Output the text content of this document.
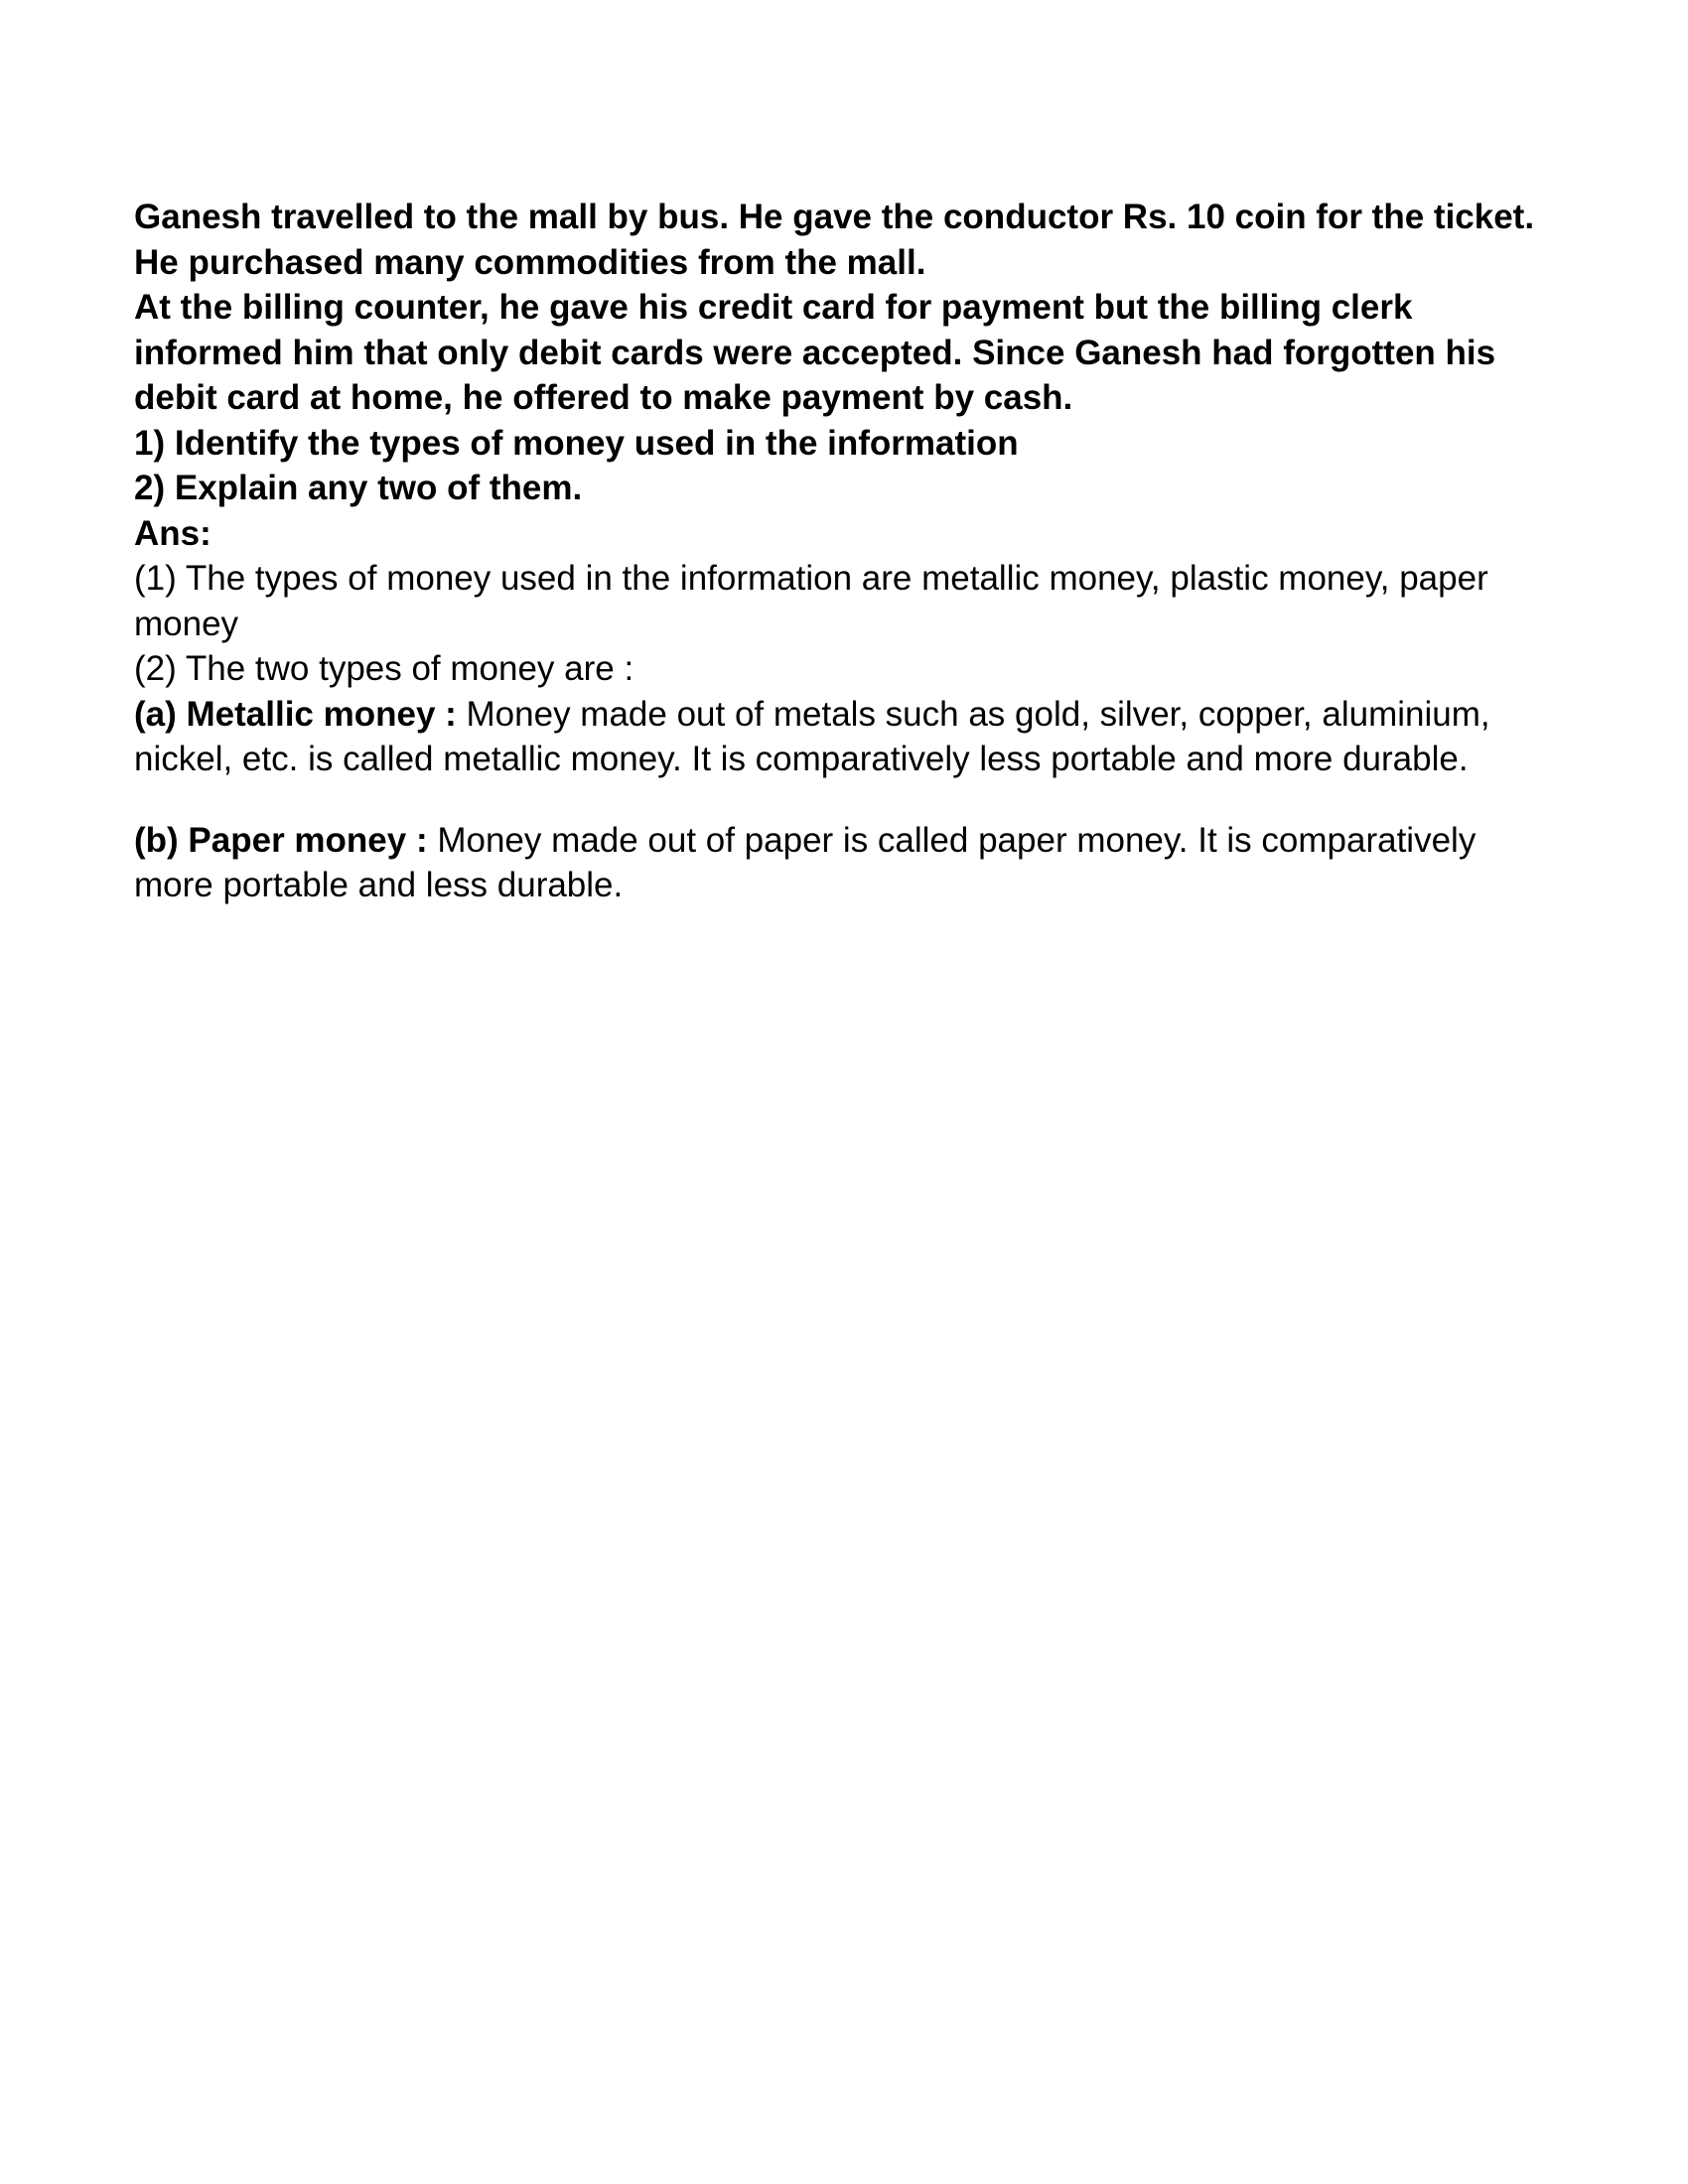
Ganesh travelled to the mall by bus. He gave the conductor Rs. 10 coin for the ticket. He purchased many commodities from the mall.

At the billing counter, he gave his credit card for payment but the billing clerk informed him that only debit cards were accepted. Since Ganesh had forgotten his debit card at home, he offered to make payment by cash.

1) Identify the types of money used in the information

2) Explain any two of them.

Ans:

(1) The types of money used in the information are metallic money, plastic money, paper money

(2) The two types of money are :

(a) Metallic money : Money made out of metals such as gold, silver, copper, aluminium, nickel, etc. is called metallic money. It is comparatively less portable and more durable.

(b) Paper money : Money made out of paper is called paper money. It is comparatively more portable and less durable.
